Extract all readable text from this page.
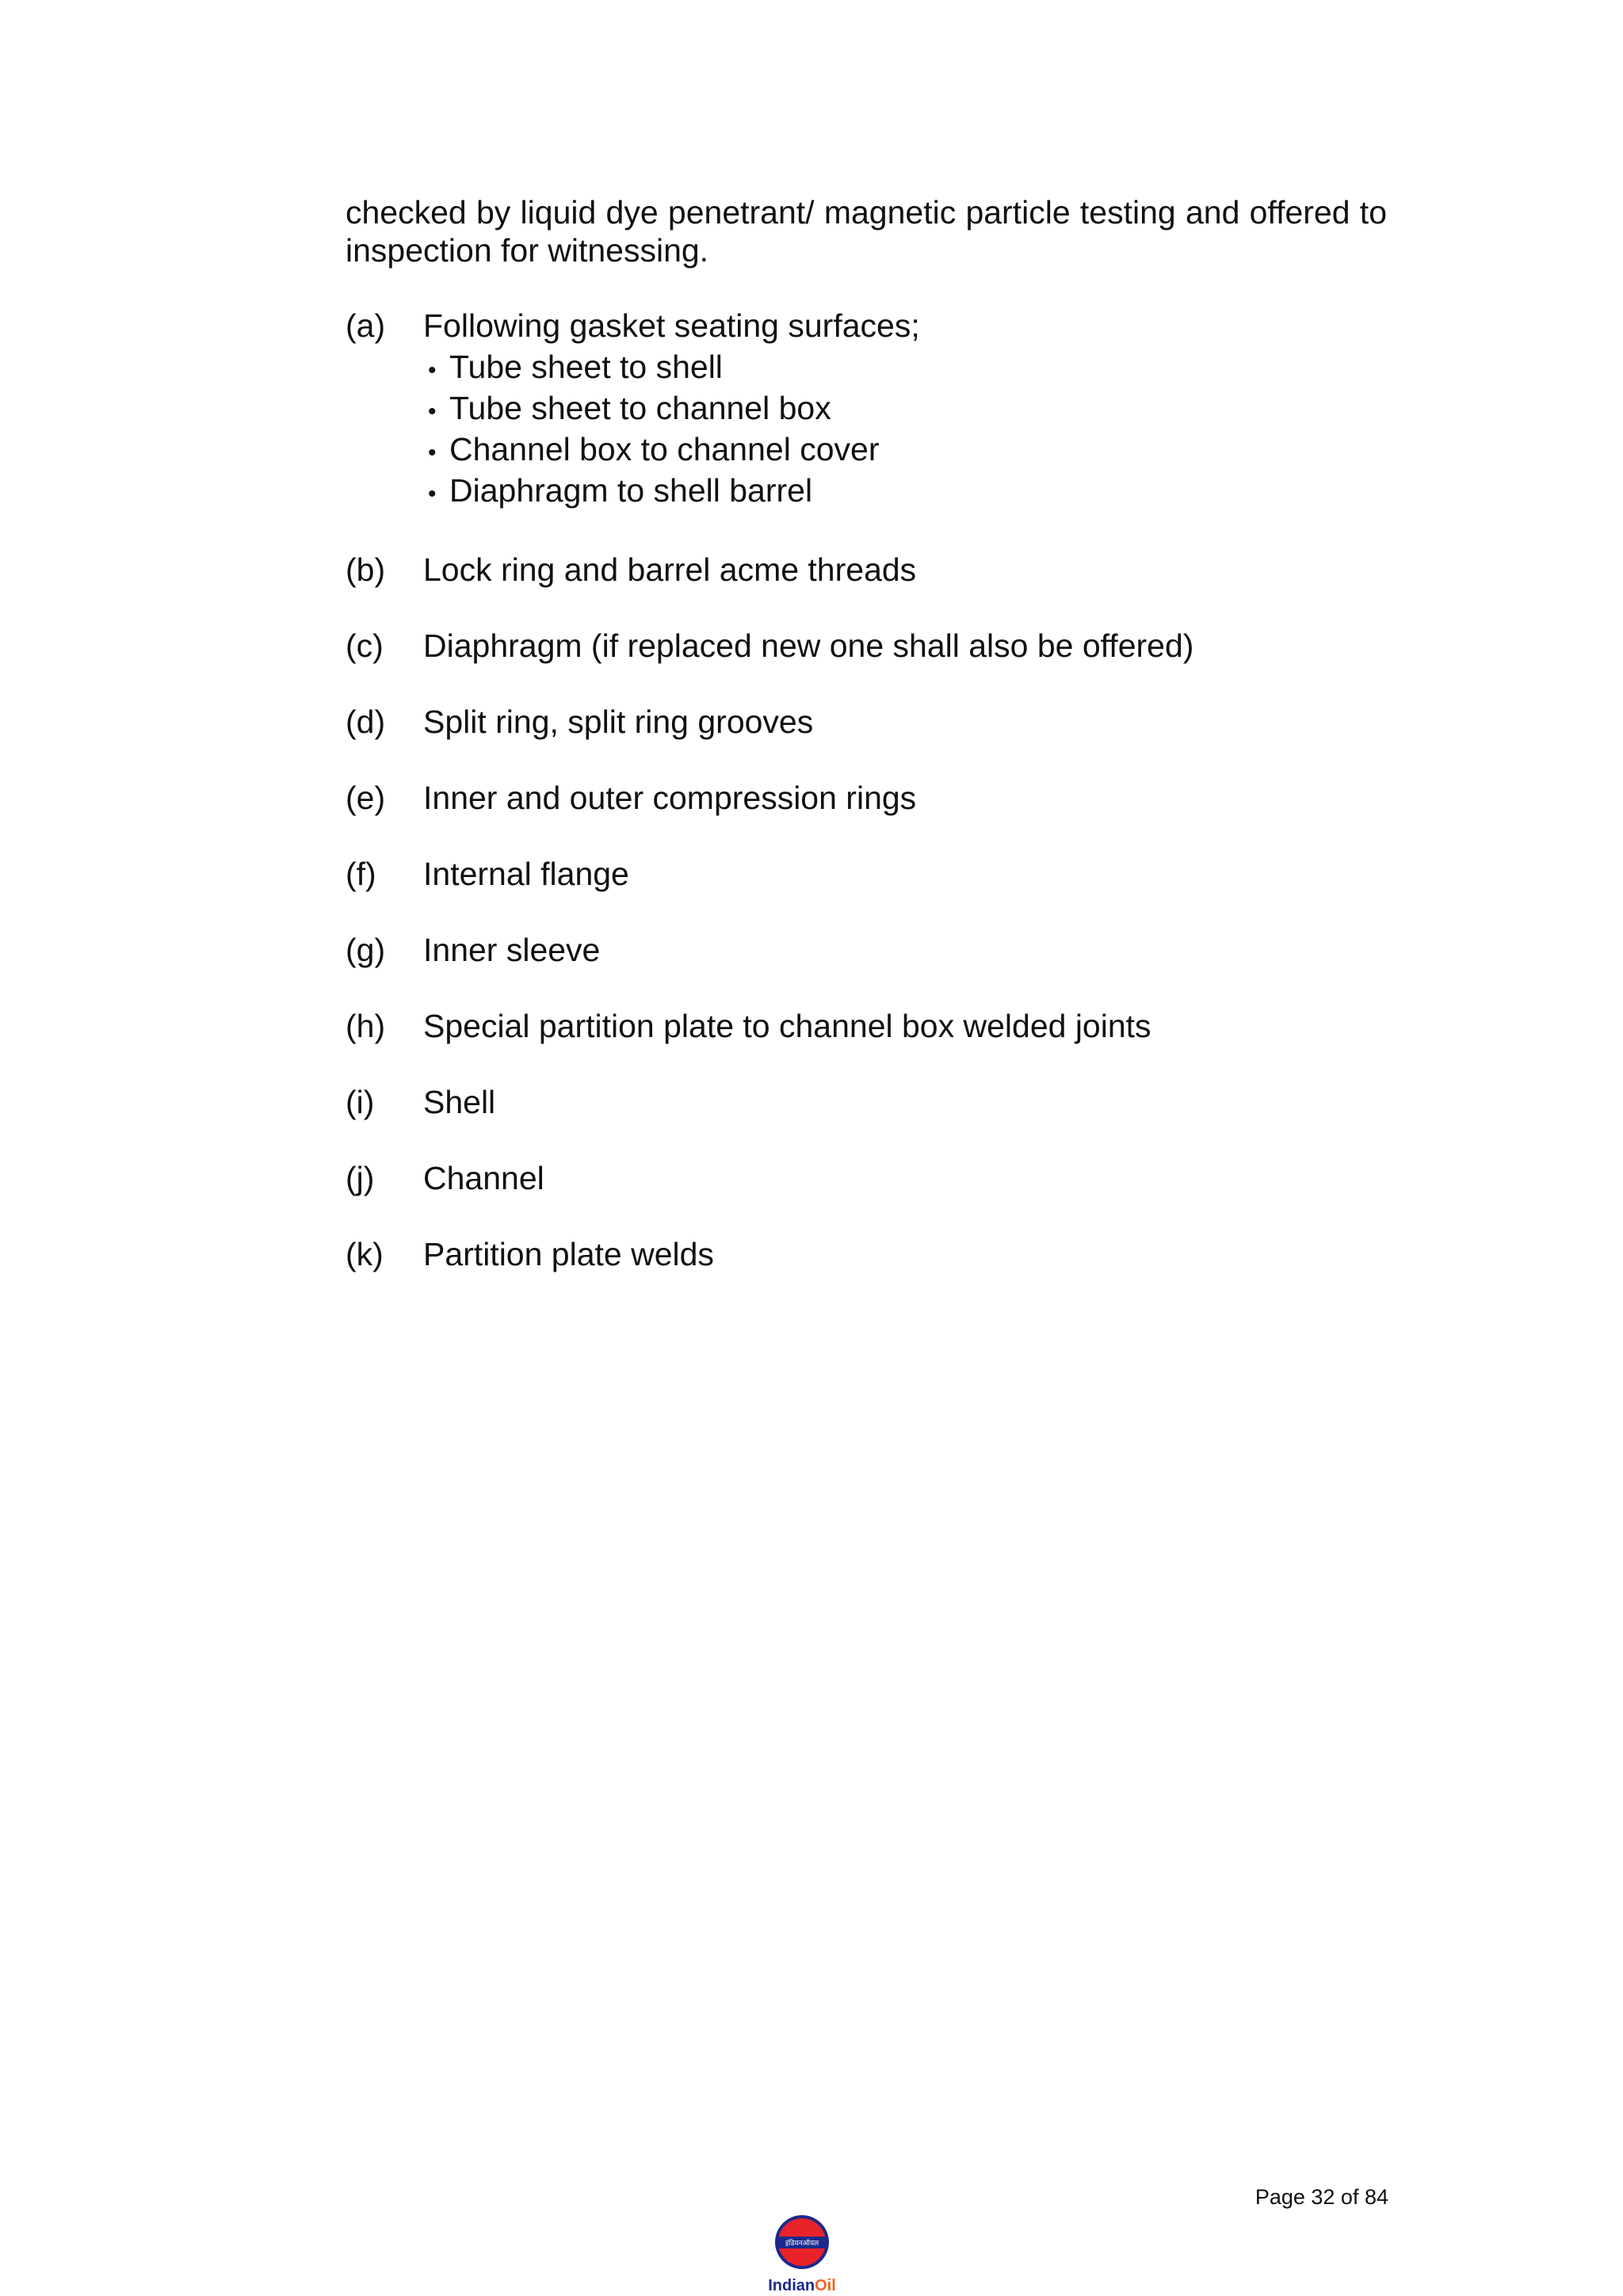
checked by liquid dye penetrant/ magnetic particle testing and offered to inspection for witnessing.

(a)	Following gasket seating surfaces;
• Tube sheet to shell
• Tube sheet to channel box
• Channel box to channel cover
• Diaphragm to shell barrel
(b)	Lock ring and barrel acme threads
(c)	Diaphragm (if replaced new one shall also be offered)
(d)	Split ring, split ring grooves
(e)	Inner and outer compression rings
(f)	Internal flange
(g)	Inner sleeve
(h)	Special partition plate to channel box welded joints
(i)	Shell
(j)	Channel
(k)	Partition plate welds
Page 32 of 84
इंडियनऑयल
IndianOil
